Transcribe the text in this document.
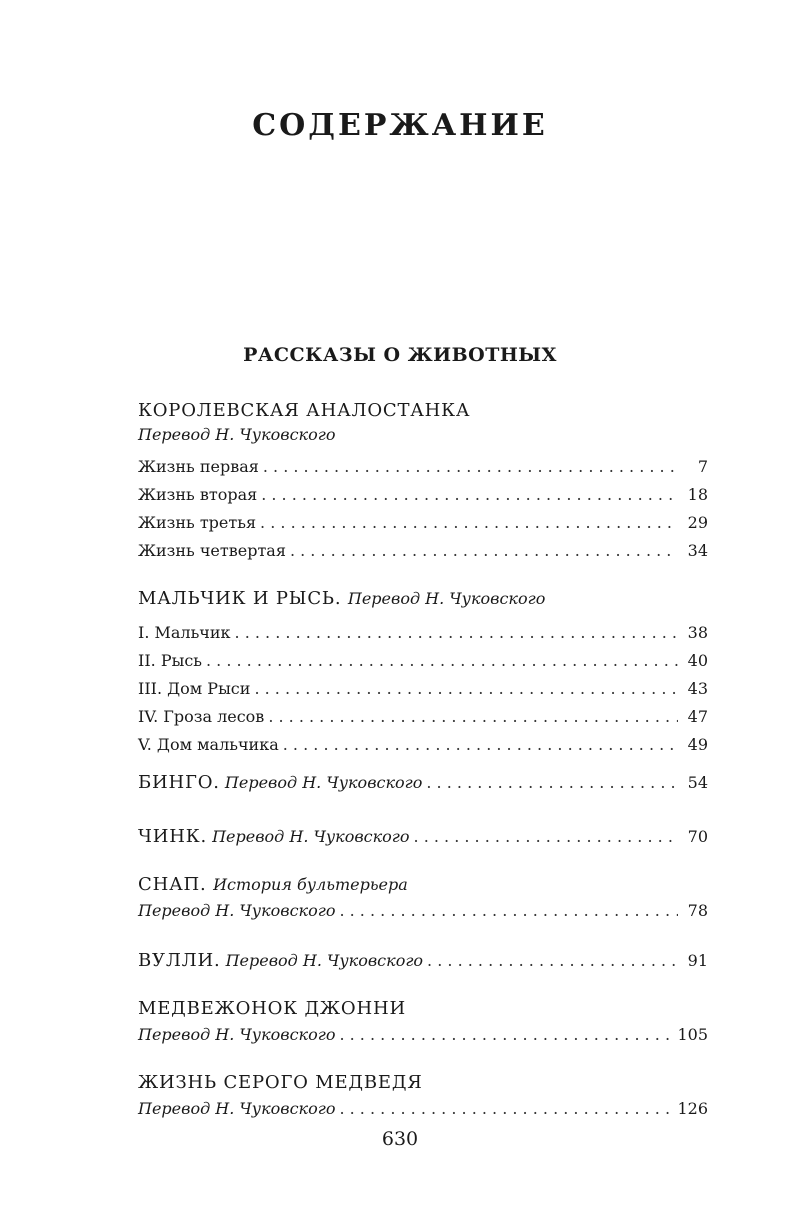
СОДЕРЖАНИЕ
РАССКАЗЫ О ЖИВОТНЫХ
КОРОЛЕВСКАЯ АНАЛОСТАНКА
Перевод Н. Чуковского
Жизнь первая . . .	7
Жизнь вторая . . .	18
Жизнь третья . . .	29
Жизнь четвертая . . .	34
МАЛЬЧИК И РЫСЬ. Перевод Н. Чуковского
I. Мальчик . . .	38
II. Рысь . . .	40
III. Дом Рыси . . .	43
IV. Гроза лесов . . .	47
V. Дом мальчика . . .	49
БИНГО. Перевод Н. Чуковского . . .	54
ЧИНК. Перевод Н. Чуковского . . .	70
СНАП. История бультерьера
Перевод Н. Чуковского . . .	78
ВУЛЛИ. Перевод Н. Чуковского . . .	91
МЕДВЕЖОНОК ДЖОННИ
Перевод Н. Чуковского . . .	105
ЖИЗНЬ СЕРОГО МЕДВЕДЯ
Перевод Н. Чуковского . . .	126
630
